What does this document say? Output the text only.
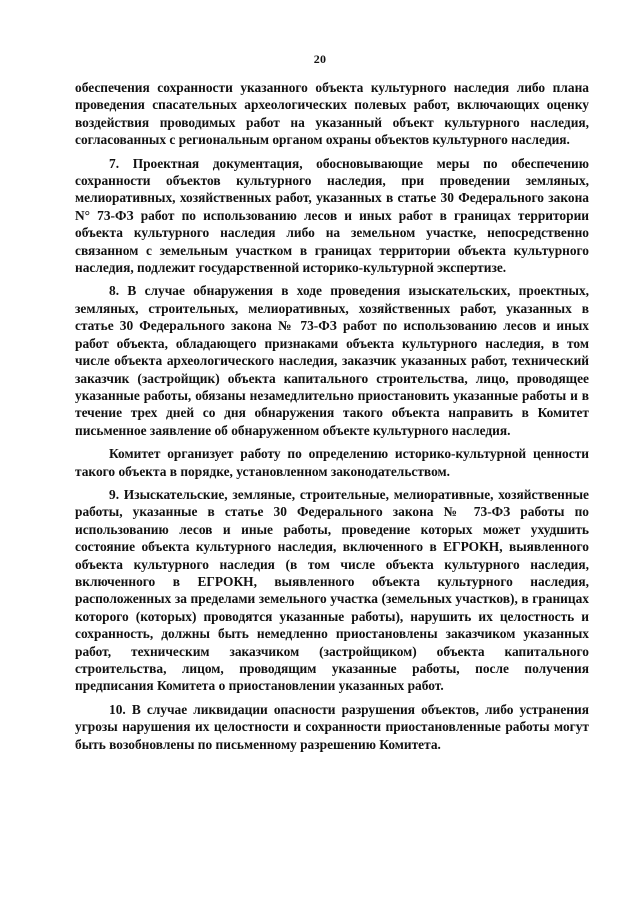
20

обеспечения сохранности указанного объекта культурного наследия либо плана проведения спасательных археологических полевых работ, включающих оценку воздействия проводимых работ на указанный объект культурного наследия, согласованных с региональным органом охраны объектов культурного наследия.

7. Проектная документация, обосновывающие меры по обеспечению сохранности объектов культурного наследия, при проведении земляных, мелиоративных, хозяйственных работ, указанных в статье 30 Федерального закона N° 73-ФЗ работ по использованию лесов и иных работ в границах территории объекта культурного наследия либо на земельном участке, непосредственно связанном с земельным участком в границах территории объекта культурного наследия, подлежит государственной историко-культурной экспертизе.

8. В случае обнаружения в ходе проведения изыскательских, проектных, земляных, строительных, мелиоративных, хозяйственных работ, указанных в статье 30 Федерального закона № 73-ФЗ работ по использованию лесов и иных работ объекта, обладающего признаками объекта культурного наследия, в том числе объекта археологического наследия, заказчик указанных работ, технический заказчик (застройщик) объекта капитального строительства, лицо, проводящее указанные работы, обязаны незамедлительно приостановить указанные работы и в течение трех дней со дня обнаружения такого объекта направить в Комитет письменное заявление об обнаруженном объекте культурного наследия.

Комитет организует работу по определению историко-культурной ценности такого объекта в порядке, установленном законодательством.

9. Изыскательские, земляные, строительные, мелиоративные, хозяйственные работы, указанные в статье 30 Федерального закона № 73-ФЗ работы по использованию лесов и иные работы, проведение которых может ухудшить состояние объекта культурного наследия, включенного в ЕГРОКН, выявленного объекта культурного наследия (в том числе объекта культурного наследия, включенного в ЕГРОКН, выявленного объекта культурного наследия, расположенных за пределами земельного участка (земельных участков), в границах которого (которых) проводятся указанные работы), нарушить их целостность и сохранность, должны быть немедленно приостановлены заказчиком указанных работ, техническим заказчиком (застройщиком) объекта капитального строительства, лицом, проводящим указанные работы, после получения предписания Комитета о приостановлении указанных работ.

10. В случае ликвидации опасности разрушения объектов, либо устранения угрозы нарушения их целостности и сохранности приостановленные работы могут быть возобновлены по письменному разрешению Комитета.
